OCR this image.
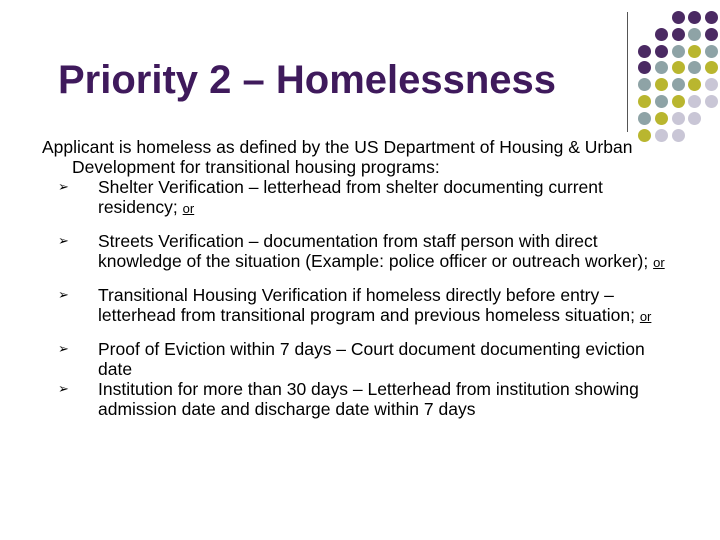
Priority 2 – Homelessness

Applicant is homeless as defined by the US Department of Housing & Urban Development for transitional housing programs:

➢ Shelter Verification – letterhead from shelter documenting current residency; or
➢ Streets Verification – documentation from staff person with direct knowledge of the situation (Example: police officer or outreach worker); or
➢ Transitional Housing Verification if homeless directly before entry – letterhead from transitional program and previous homeless situation; or
➢ Proof of Eviction within 7 days – Court document documenting eviction date
➢ Institution for more than 30 days – Letterhead from institution showing admission date and discharge date within 7 days
